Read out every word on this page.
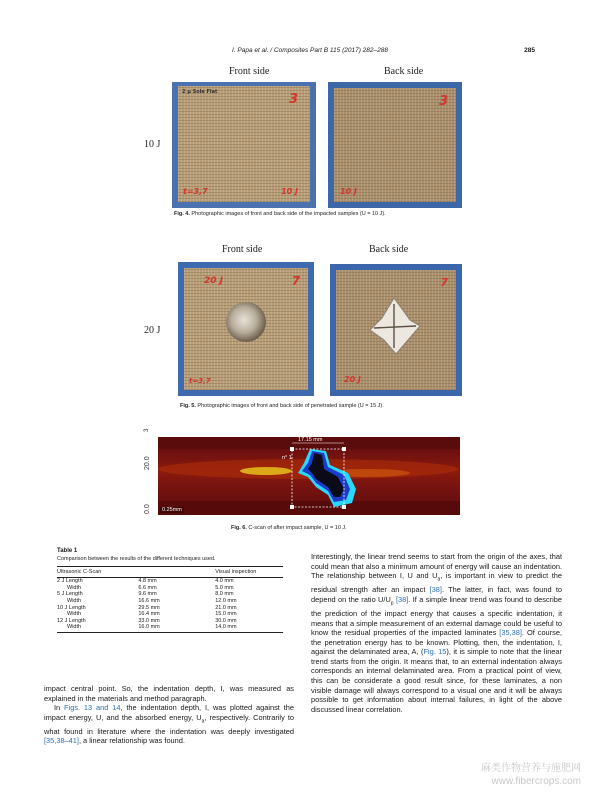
I. Papa et al. / Composites Part B 115 (2017) 282–288	285
Front side	Back side
10 J
2 µ Sole Flat	3
t=3,7	10 J
3
10 J
Fig. 4. Photographic images of front and back side of the impacted samples (U = 10 J).
Front side	Back side
20 J
20 J	7
t=3,7
7
20 J
Fig. 5. Photographic images of front and back side of penetrated sample (U = 15 J).
3
20.0
0.0
17.15 mm
n° 1
0.25mm
Fig. 6. C-scan of after impact sample, U = 10 J.
Table 1
Comparison between the results of the different techniques used.
Ultrasonic C-Scan		Visual inspection
2 J Length	4.8 mm	4.0 mm
Width	6.6 mm	5.0 mm
5 J Length	9.6 mm	8.0 mm
Width	16.6 mm	12.0 mm
10 J Length	29.5 mm	21.0 mm
Width	16.4 mm	15.0 mm
12 J Length	33.0 mm	30.0 mm
Width	16.0 mm	14.0 mm

impact central point. So, the indentation depth, I, was measured as explained in the materials and method paragraph.

In Figs. 13 and 14, the indentation depth, I, was plotted against the impact energy, U, and the absorbed energy, $U_a$, respectively. Contrarily to what found in literature where the indentation was deeply investigated [35,38–41], a linear relationship was found.

Interestingly, the linear trend seems to start from the origin of the axes, that could mean that also a minimum amount of energy will cause an indentation. The relationship between I, U and $U_a$, is important in view to predict the residual strength after an impact [38]. The latter, in fact, was found to depend on the ratio $U/U_p$ [38]. If a simple linear trend was found to describe the prediction of the impact energy that causes a specific indentation, it means that a simple measurement of an external damage could be useful to know the residual properties of the impacted laminates [35,38]. Of course, the penetration energy has to be known. Plotting, then, the indentation, I, against the delaminated area, A, (Fig. 15), it is simple to note that the linear trend starts from the origin. It means that, to an external indentation always corresponds an internal delaminated area. From a practical point of view, this can be considerate a good result since, for these laminates, a non visible damage will always correspond to a visual one and it will be always possible to get information about internal failures, in light of the above discussed linear correlation.

麻类作物营养与施肥网
www.fibercrops.com
